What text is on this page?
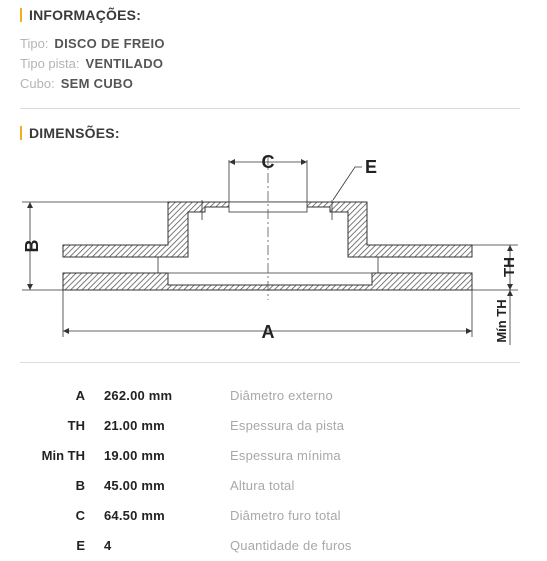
INFORMAÇÕES:
Tipo: DISCO DE FREIO
Tipo pista: VENTILADO
Cubo: SEM CUBO
DIMENSÕES:
C	E
B
A
TH
Mín TH
A 262.00 mm	Diâmetro externo
TH 21.00 mm	Espessura da pista
Min TH 19.00 mm	Espessura mínima
B 45.00 mm	Altura total
C 64.50 mm	Diâmetro furo total
E 4	Quantidade de furos
